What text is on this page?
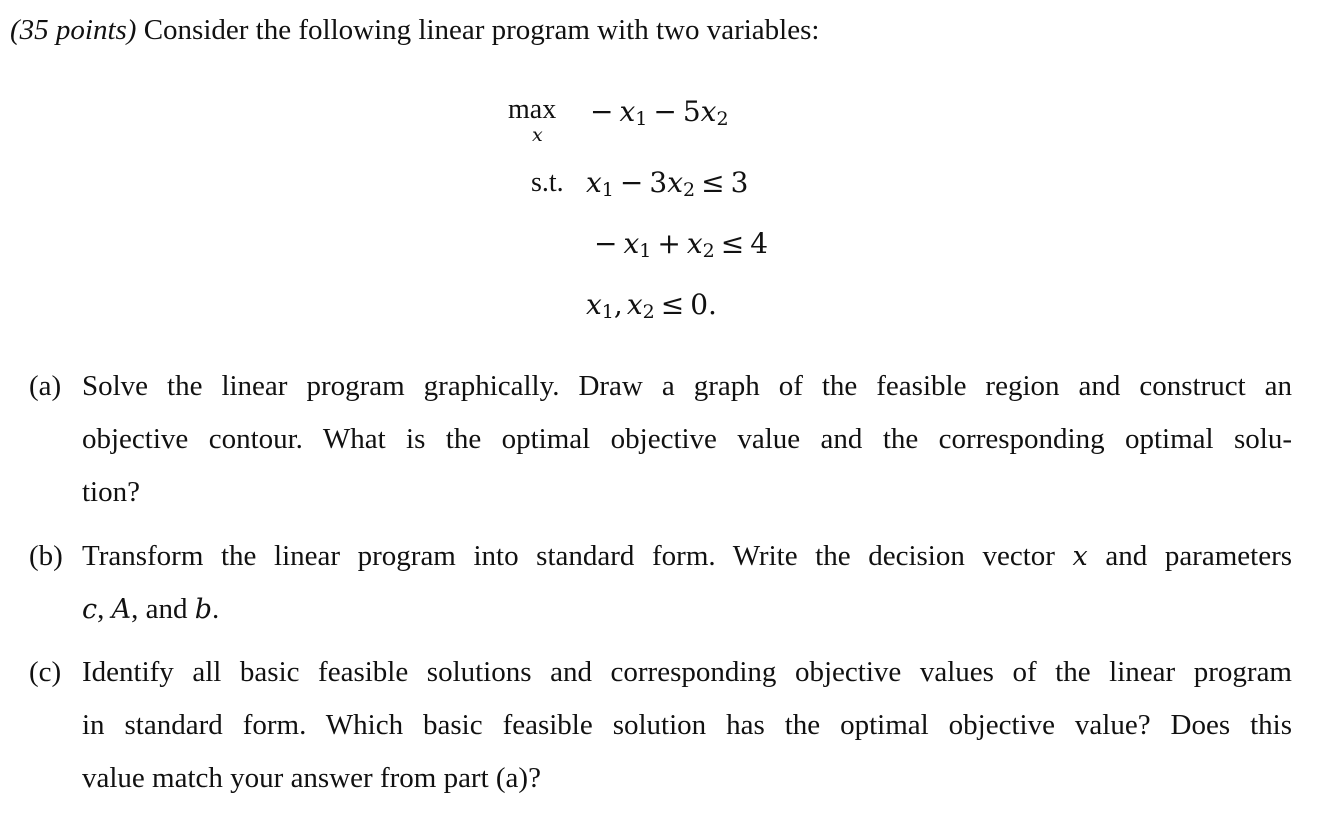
(35 points) Consider the following linear program with two variables:
max
x
− $x_1 - 5x_2$
s.t. $x_1 - 3x_2 \le 3$
− $x_1 + x_2 \le 4$
$x_1$, $x_2 \le 0$.
(a) Solve the linear program graphically. Draw a graph of the feasible region and construct an
objective contour. What is the optimal objective value and the corresponding optimal solu-
tion?
(b) Transform the linear program into standard form. Write the decision vector x and parameters
c, A, and b.
(c) Identify all basic feasible solutions and corresponding objective values of the linear program
in standard form. Which basic feasible solution has the optimal objective value? Does this
value match your answer from part (a)?
